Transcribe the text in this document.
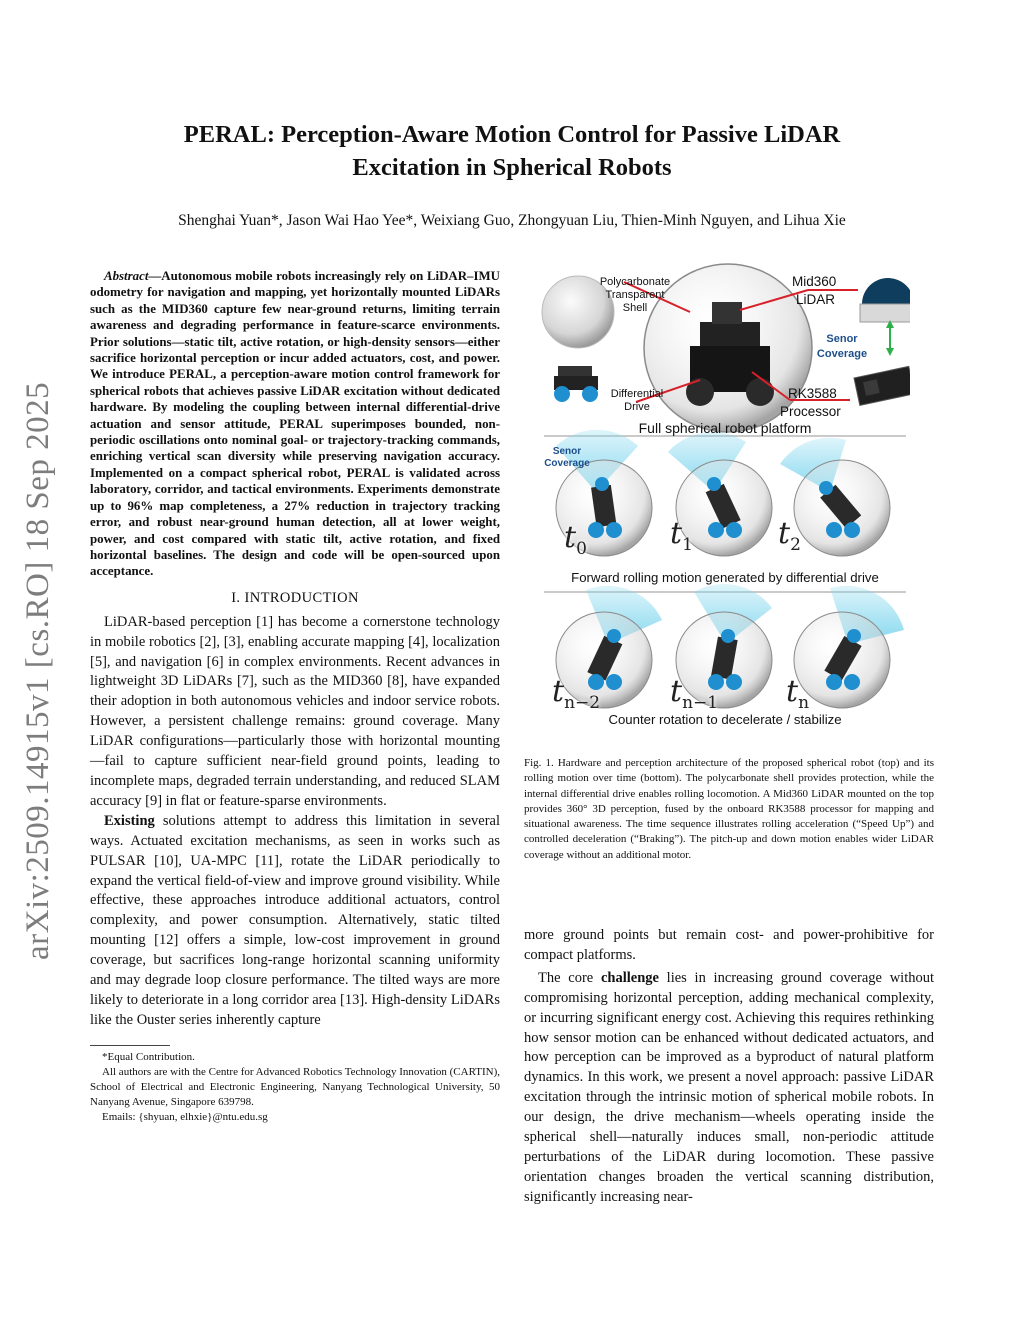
arXiv:2509.14915v1 [cs.RO] 18 Sep 2025
PERAL: Perception-Aware Motion Control for Passive LiDAR
Excitation in Spherical Robots
Shenghai Yuan*, Jason Wai Hao Yee*, Weixiang Guo, Zhongyuan Liu, Thien-Minh Nguyen, and Lihua Xie

Abstract—Autonomous mobile robots increasingly rely on LiDAR–IMU odometry for navigation and mapping, yet horizontally mounted LiDARs such as the MID360 capture few near-ground returns, limiting terrain awareness and degrading performance in feature-scarce environments. Prior solutions—static tilt, active rotation, or high-density sensors—either sacrifice horizontal perception or incur added actuators, cost, and power. We introduce PERAL, a perception-aware motion control framework for spherical robots that achieves passive LiDAR excitation without dedicated hardware. By modeling the coupling between internal differential-drive actuation and sensor attitude, PERAL superimposes bounded, non-periodic oscillations onto nominal goal- or trajectory-tracking commands, enriching vertical scan diversity while preserving navigation accuracy. Implemented on a compact spherical robot, PERAL is validated across laboratory, corridor, and tactical environments. Experiments demonstrate up to 96% map completeness, a 27% reduction in trajectory tracking error, and robust near-ground human detection, all at lower weight, power, and cost compared with static tilt, active rotation, and fixed horizontal baselines. The design and code will be open-sourced upon acceptance.

I. INTRODUCTION

LiDAR-based perception [1] has become a cornerstone technology in mobile robotics [2], [3], enabling accurate mapping [4], localization [5], and navigation [6] in complex environments. Recent advances in lightweight 3D LiDARs [7], such as the MID360 [8], have expanded their adoption in both autonomous vehicles and indoor service robots. However, a persistent challenge remains: ground coverage. Many LiDAR configurations—particularly those with horizontal mounting—fail to capture sufficient near-field ground points, leading to incomplete maps, degraded terrain understanding, and reduced SLAM accuracy [9] in flat or feature-sparse environments.

Existing solutions attempt to address this limitation in several ways. Actuated excitation mechanisms, as seen in works such as PULSAR [10], UA-MPC [11], rotate the LiDAR periodically to expand the vertical field-of-view and improve ground visibility. While effective, these approaches introduce additional actuators, control complexity, and power consumption. Alternatively, static tilted mounting [12] offers a simple, low-cost improvement in ground coverage, but sacrifices long-range horizontal scanning uniformity and may degrade loop closure performance. The tilted ways are more likely to deteriorate in a long corridor area [13]. High-density LiDARs like the Ouster series inherently capture

*Equal Contribution.

All authors are with the Centre for Advanced Robotics Technology Innovation (CARTIN), School of Electrical and Electronic Engineering, Nanyang Technological University, 50 Nanyang Avenue, Singapore 639798.

Emails: {shyuan, elhxie}@ntu.edu.sg

Polycarbonate Transparent Shell
Mid360
LiDAR
Senor Coverage
Differential Drive
RK3588
Processor
Full spherical robot platform
Senor Coverage
$t_0$	$t_1$	$t_2$
Forward rolling motion generated by differential drive
$t_{n-2}$ $t_{n-1}$ $t_n$
Counter rotation to decelerate / stabilize
Fig. 1. Hardware and perception architecture of the proposed spherical robot (top) and its rolling motion over time (bottom). The polycarbonate shell provides protection, while the internal differential drive enables rolling locomotion. A Mid360 LiDAR mounted on the top provides 360° 3D perception, fused by the onboard RK3588 processor for mapping and situational awareness. The time sequence illustrates rolling acceleration (“Speed Up”) and controlled deceleration (“Braking”). The pitch-up and down motion enables wider LiDAR coverage without an additional motor.

more ground points but remain cost- and power-prohibitive for compact platforms.

The core challenge lies in increasing ground coverage without compromising horizontal perception, adding mechanical complexity, or incurring significant energy cost. Achieving this requires rethinking how sensor motion can be enhanced without dedicated actuators, and how perception can be improved as a byproduct of natural platform dynamics. In this work, we present a novel approach: passive LiDAR excitation through the intrinsic motion of spherical mobile robots. In our design, the drive mechanism—wheels operating inside the spherical shell—naturally induces small, non-periodic attitude perturbations of the LiDAR during locomotion. These passive orientation changes broaden the vertical scanning distribution, significantly increasing near-
